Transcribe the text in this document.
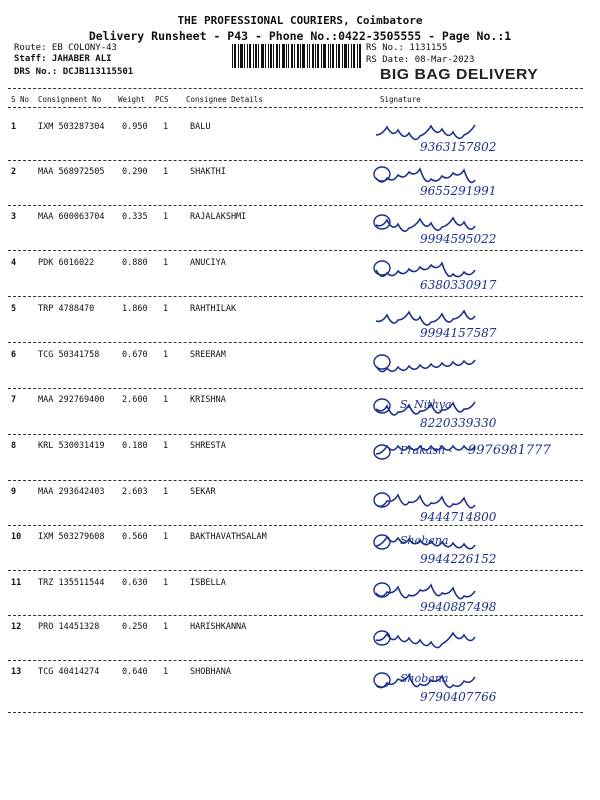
THE PROFESSIONAL COURIERS, Coimbatore
Delivery Runsheet - P43 - Phone No.:0422-3505555 - Page No.:1
Route: EB COLONY-43
Staff: JAHABER ALI
DRS No.: DCJB113115501
RS No.: 1131155
RS Date: 08-Mar-2023
BIG BAG DELIVERY
S No Consignment No Weight PCS Consignee Details	Signature
1	IXM 503287304 0.950 1	BALU
9363157802
2	MAA 568972505 0.290 1	SHAKTHI
9655291991
3	MAA 600063704 0.335 1	RAJALAKSHMI
9994595022
4	PDK 6016022	0.880 1	ANUCIYA
6380330917
5	TRP 4788470	1.860 1	RAHTHILAK
9994157587
6	TCG 50341758	0.670 1	SREERAM
7	MAA 292769400 2.600 1	KRISHNA	S. Nithya
8220339330
8	KRL 530031419 0.180 1	SHRESTA	Prakash - 9976981777
9	MAA 293642403 2.603 1	SEKAR
9444714800
10 IXM 503279608 0.560 1	BAKTHAVATHSALAM	Shobana
9944226152
11 TRZ 135511544 0.630 1	ISBELLA
9940887498
12 PRO 14451328	0.250 1	HARISHKANNA
13 TCG 40414274	0.640 1	SHOBHANA	Shobana
9790407766
